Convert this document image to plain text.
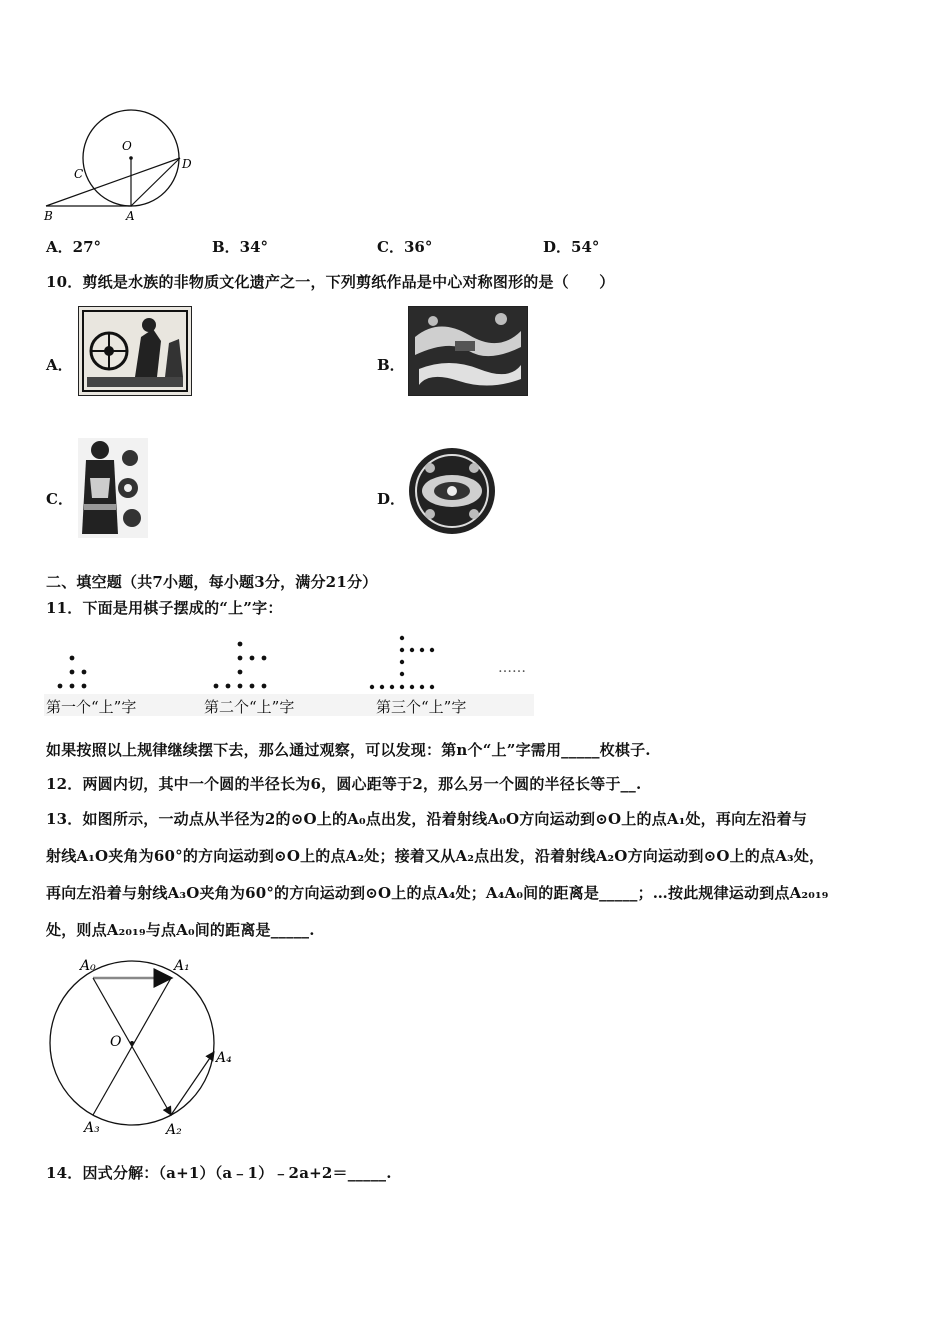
O
C
D
B	A
A．27°	B．34°	C．36°	D．54°
10．剪纸是水族的非物质文化遗产之一，下列剪纸作品是中心对称图形的是（　　）
A．	B．
C．	D．
二、填空题（共7小题，每小题3分，满分21分）
11．下面是用棋子摆成的“上”字：
……
第一个“上”字	第二个“上”字	第三个“上”字
如果按照以上规律继续摆下去，那么通过观察，可以发现：第n个“上”字需用_____枚棋子.
12．两圆内切，其中一个圆的半径长为6，圆心距等于2，那么另一个圆的半径长等于__.
13．如图所示，一动点从半径为2的⊙O上的A₀点出发，沿着射线A₀O方向运动到⊙O上的点A₁处，再向左沿着与
射线A₁O夹角为60°的方向运动到⊙O上的点A₂处；接着又从A₂点出发，沿着射线A₂O方向运动到⊙O上的点A₃处，
再向左沿着与射线A₃O夹角为60°的方向运动到⊙O上的点A₄处；A₄A₀间的距离是_____；…按此规律运动到点A₂₀₁₉
处，则点A₂₀₁₉与点A₀间的距离是_____.
A₀	A₁
O
A₄
A₃	A₂
14．因式分解：（a+1）（a﹣1）﹣2a+2＝_____.
